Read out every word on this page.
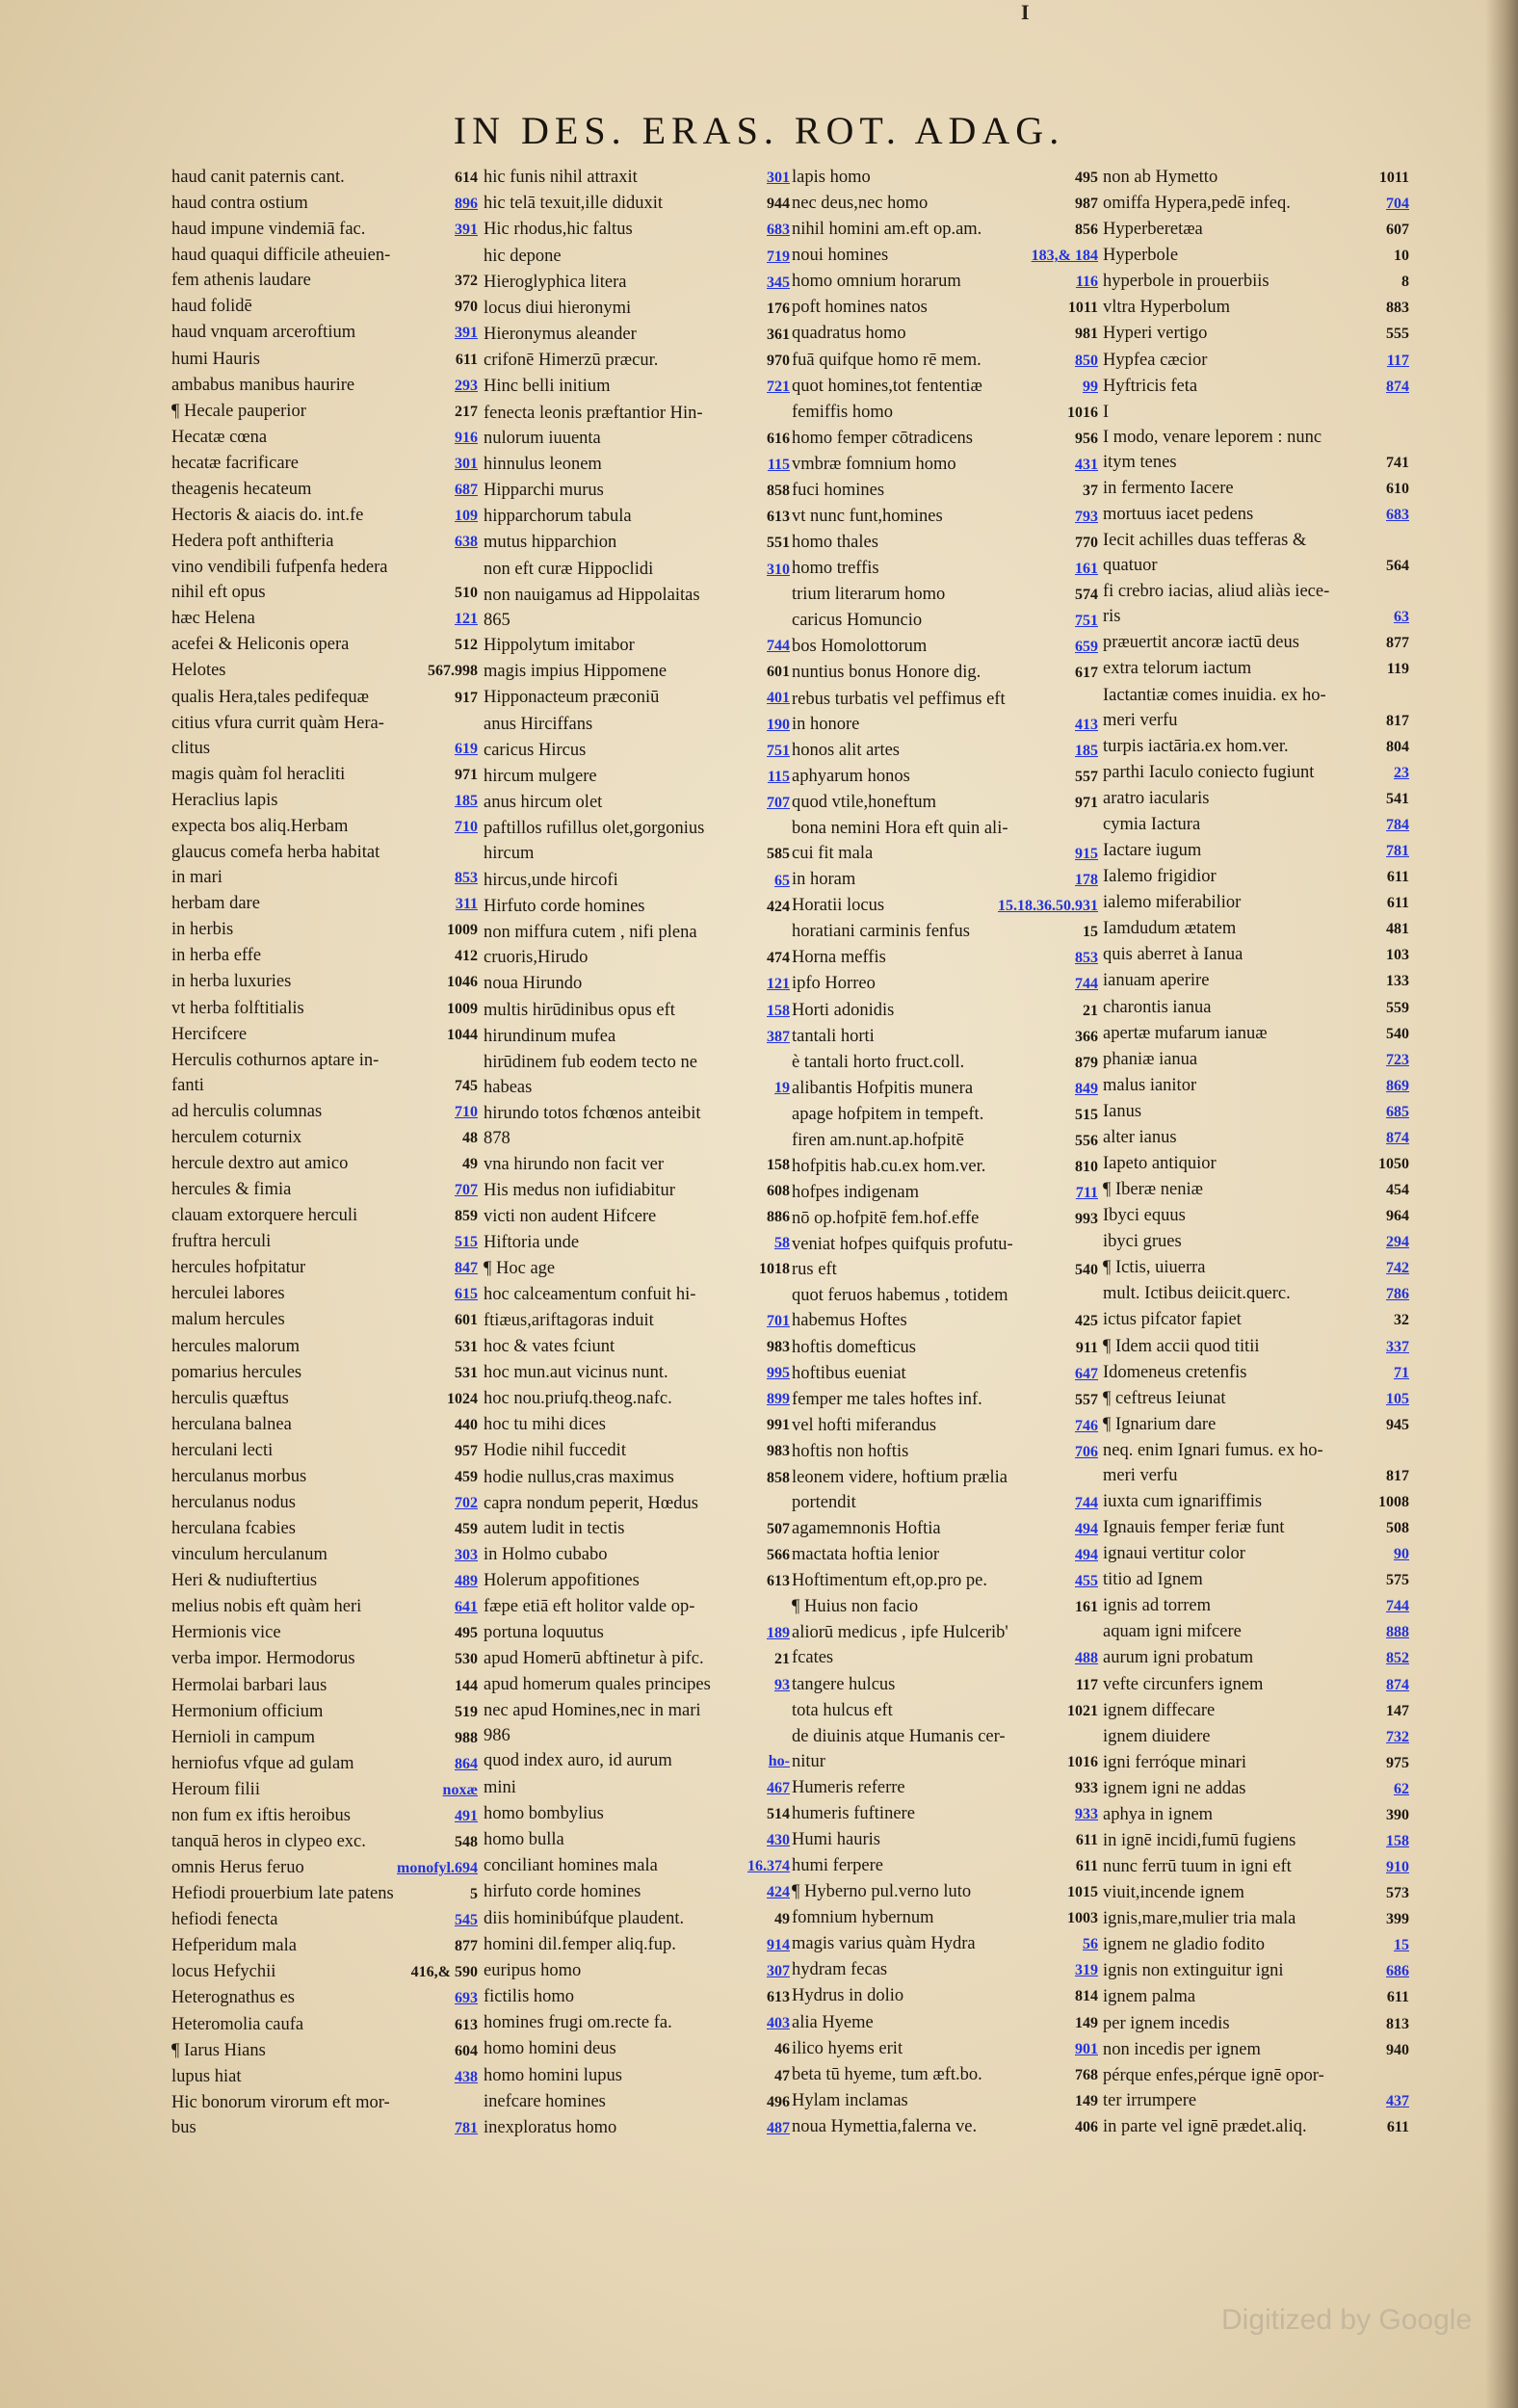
I
IN DES. ERAS. ROT. ADAG.
haud canit paternis cant.	614
haud contra ostium	896
haud impune vindemiā fac.	391
haud quaqui difficile atheuien-
fem athenis laudare	372
haud folidē	970
haud vnquam arceroftium	391
humi Hauris	611
ambabus manibus haurire	293
¶ Hecale pauperior	217
Hecatæ cœna	916
hecatæ facrificare	301
theagenis hecateum	687
Hectoris & aiacis do. int.fe	109
Hedera poft anthifteria	638
vino vendibili fufpenfa hedera
nihil eft opus	510
hæc Helena	121
acefei & Heliconis opera	512
Helotes	567.998
qualis Hera,tales pedifequæ	917
citius vfura currit quàm Hera-
clitus	619
magis quàm fol heracliti	971
Heraclius lapis	185
expecta bos aliq.Herbam	710
glaucus comefa herba habitat
in mari	853
herbam dare	311
in herbis	1009
in herba effe	412
in herba luxuries	1046
vt herba folftitialis	1009
Hercifcere	1044
Herculis cothurnos aptare in-
fanti	745
ad herculis columnas	710
herculem coturnix	48
hercule dextro aut amico	49
hercules & fimia	707
clauam extorquere herculi	859
fruftra herculi	515
hercules hofpitatur	847
herculei labores	615
malum hercules	601
hercules malorum	531
pomarius hercules	531
herculis quæftus	1024
herculana balnea	440
herculani lecti	957
herculanus morbus	459
herculanus nodus	702
herculana fcabies	459
vinculum herculanum	303
Heri & nudiuftertius	489
melius nobis eft quàm heri	641
Hermionis vice	495
verba impor. Hermodorus	530
Hermolai barbari laus	144
Hermonium officium	519
Hernioli in campum	988
herniofus vfque ad gulam	864
Heroum filii	noxæ
non fum ex iftis heroibus	491
tanquā heros in clypeo exc.	548
omnis Herus feruo	monofyl.694
Hefiodi prouerbium late patens	5
hefiodi fenecta	545
Hefperidum mala	877
locus Hefychii	416,& 590
Heterognathus es	693
Heteromolia caufa	613
¶ Iarus Hians	604
lupus hiat	438
Hic bonorum virorum eft mor-
bus	781
hic funis nihil attraxit	301
hic telā texuit,ille diduxit	944
Hic rhodus,hic faltus	683
hic depone	719
Hieroglyphica litera	345
locus diui hieronymi	176
Hieronymus aleander	361
crifonē Himerzū præcur.	970
Hinc belli initium	721
fenecta leonis præftantior Hin-
nulorum iuuenta	616
hinnulus leonem	115
Hipparchi murus	858
hipparchorum tabula	613
mutus hipparchion	551
non eft curæ Hippoclidi	310
non nauigamus ad Hippolaitas
865
Hippolytum imitabor	744
magis impius Hippomene	601
Hipponacteum præconiū	401
anus Hirciffans	190
caricus Hircus	751
hircum mulgere	115
anus hircum olet	707
paftillos rufillus olet,gorgonius
hircum	585
hircus,unde hircofi	65
Hirfuto corde homines	424
non miffura cutem , nifi plena
cruoris,Hirudo	474
noua Hirundo	121
multis hirūdinibus opus eft	158
hirundinum mufea	387
hirūdinem fub eodem tecto ne
habeas	19
hirundo totos fchœnos anteibit
878
vna hirundo non facit ver	158
His medus non iufidiabitur	608
victi non audent Hifcere	886
Hiftoria unde	58
¶ Hoc age	1018
hoc calceamentum confuit hi-
ftiæus,ariftagoras induit	701
hoc & vates fciunt	983
hoc mun.aut vicinus nunt.	995
hoc nou.priufq.theog.nafc.	899
hoc tu mihi dices	991
Hodie nihil fuccedit	983
hodie nullus,cras maximus	858
capra nondum peperit, Hœdus
autem ludit in tectis	507
in Holmo cubabo	566
Holerum appofitiones	613
fæpe etiā eft holitor valde op-
portuna loquutus	189
apud Homerū abftinetur à pifc.	21
apud homerum quales principes	93
nec apud Homines,nec in mari
986
quod index auro, id aurum	ho-
mini	467
homo bombylius	514
homo bulla	430
conciliant homines mala	16.374
hirfuto corde homines	424
diis hominibúfque plaudent.	49
homini dil.femper aliq.fup.	914
euripus homo	307
fictilis homo	613
homines frugi om.recte fa.	403
homo homini deus	46
homo homini lupus	47
inefcare homines	496
inexploratus homo	487
lapis homo	495
nec deus,nec homo	987
nihil homini am.eft op.am.	856
noui homines	183,& 184
homo omnium horarum	116
poft homines natos	1011
quadratus homo	981
fuā quifque homo rē mem.	850
quot homines,tot fententiæ	99
femiffis homo	1016
homo femper cōtradicens	956
vmbræ fomnium homo	431
fuci homines	37
vt nunc funt,homines	793
homo thales	770
homo treffis	161
trium literarum homo	574
caricus Homuncio	751
bos Homolottorum	659
nuntius bonus Honore dig.	617
rebus turbatis vel peffimus eft
in honore	413
honos alit artes	185
aphyarum honos	557
quod vtile,honeftum	971
bona nemini Hora eft quin ali-
cui fit mala	915
in horam	178
Horatii locus	15.18.36.50.931
horatiani carminis fenfus	15
Horna meffis	853
ipfo Horreo	744
Horti adonidis	21
tantali horti	366
è tantali horto fruct.coll.	879
alibantis Hofpitis munera	849
apage hofpitem in tempeft.	515
firen am.nunt.ap.hofpitē	556
hofpitis hab.cu.ex hom.ver.	810
hofpes indigenam	711
nō op.hofpitē fem.hof.effe	993
veniat hofpes quifquis profutu-
rus eft	540
quot feruos habemus , totidem
habemus Hoftes	425
hoftis domefticus	911
hoftibus eueniat	647
femper me tales hoftes inf.	557
vel hofti miferandus	746
hoftis non hoftis	706
leonem videre, hoftium prælia
portendit	744
agamemnonis Hoftia	494
mactata hoftia lenior	494
Hoftimentum eft,op.pro pe.	455
¶ Huius non facio	161
aliorū medicus , ipfe Hulcerib'
fcates	488
tangere hulcus	117
tota hulcus eft	1021
de diuinis atque Humanis cer-
nitur	1016
Humeris referre	933
humeris fuftinere	933
Humi hauris	611
humi ferpere	611
¶ Hyberno pul.verno luto	1015
fomnium hybernum	1003
magis varius quàm Hydra	56
hydram fecas	319
Hydrus in dolio	814
alia Hyeme	149
ilico hyems erit	901
beta tū hyeme, tum æft.bo.	768
Hylam inclamas	149
noua Hymettia,falerna ve.	406
non ab Hymetto	1011
omiffa Hypera,pedē infeq.	704
Hyperberetæa	607
Hyperbole	10
hyperbole in prouerbiis	8
vltra Hyperbolum	883
Hyperi vertigo	555
Hypfea cæcior	117
Hyftricis feta	874
I
I modo, venare leporem : nunc
itym tenes	741
in fermento Iacere	610
mortuus iacet pedens	683
Iecit achilles duas tefferas &
quatuor	564
fi crebro iacias, aliud aliàs iece-
ris	63
præuertit ancoræ iactū deus	877
extra telorum iactum	119
Iactantiæ comes inuidia. ex ho-
meri verfu	817
turpis iactāria.ex hom.ver.	804
parthi Iaculo coniecto fugiunt	23
aratro iacularis	541
cymia Iactura	784
Iactare iugum	781
Ialemo frigidior	611
ialemo miferabilior	611
Iamdudum ætatem	481
quis aberret à Ianua	103
ianuam aperire	133
charontis ianua	559
apertæ mufarum ianuæ	540
phaniæ ianua	723
malus ianitor	869
Ianus	685
alter ianus	874
Iapeto antiquior	1050
¶ Iberæ neniæ	454
Ibyci equus	964
ibyci grues	294
¶ Ictis, uiuerra	742
mult. Ictibus deiicit.querc.	786
ictus pifcator fapiet	32
¶ Idem accii quod titii	337
Idomeneus cretenfis	71
¶ ceftreus Ieiunat	105
¶ Ignarium dare	945
neq. enim Ignari fumus. ex ho-
meri verfu	817
iuxta cum ignariffimis	1008
Ignauis femper feriæ funt	508
ignaui vertitur color	90
titio ad Ignem	575
ignis ad torrem	744
aquam igni mifcere	888
aurum igni probatum	852
vefte circunfers ignem	874
ignem diffecare	147
ignem diuidere	732
igni ferróque minari	975
ignem igni ne addas	62
aphya in ignem	390
in ignē incidi,fumū fugiens	158
nunc ferrū tuum in igni eft	910
viuit,incende ignem	573
ignis,mare,mulier tria mala	399
ignem ne gladio fodito	15
ignis non extinguitur igni	686
ignem palma	611
per ignem incedis	813
non incedis per ignem	940
pérque enfes,pérque ignē opor-
ter irrumpere	437
in parte vel ignē prædet.aliq.	611
Digitized by Google
